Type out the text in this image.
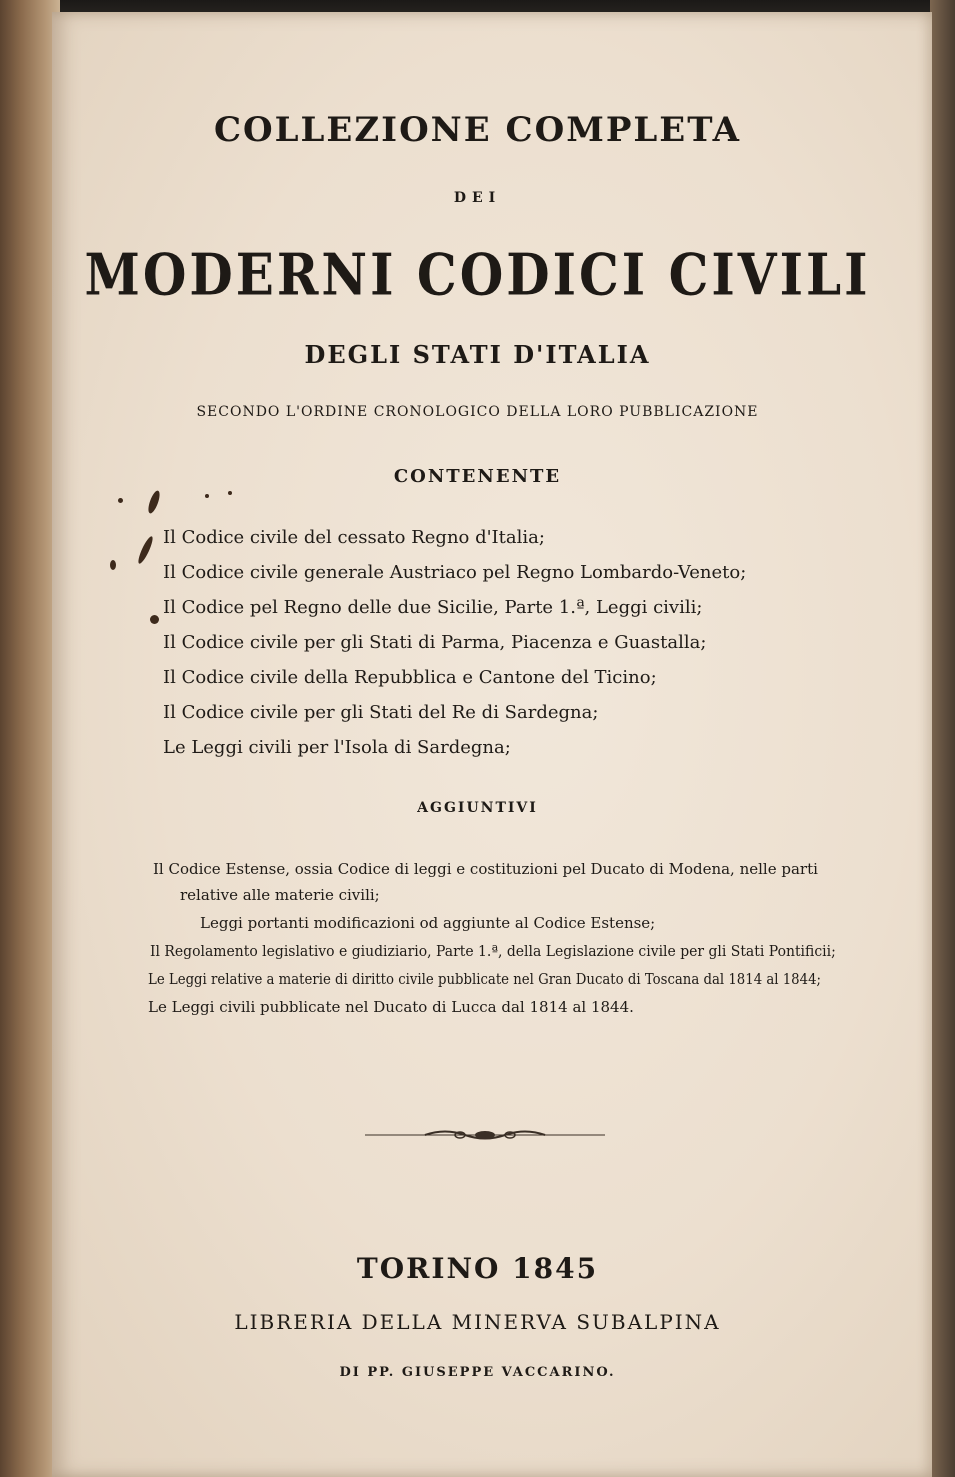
COLLEZIONE COMPLETA
DEI
MODERNI CODICI CIVILI
DEGLI STATI D'ITALIA
SECONDO L'ORDINE CRONOLOGICO DELLA LORO PUBBLICAZIONE
CONTENENTE
Il Codice civile del cessato Regno d'Italia;
Il Codice civile generale Austriaco pel Regno Lombardo-Veneto;
Il Codice pel Regno delle due Sicilie, Parte 1.ª, Leggi civili;
Il Codice civile per gli Stati di Parma, Piacenza e Guastalla;
Il Codice civile della Repubblica e Cantone del Ticino;
Il Codice civile per gli Stati del Re di Sardegna;
Le Leggi civili per l'Isola di Sardegna;
AGGIUNTIVI
Il Codice Estense, ossia Codice di leggi e costituzioni pel Ducato di Modena, nelle parti
relative alle materie civili;
Leggi portanti modificazioni od aggiunte al Codice Estense;
Il Regolamento legislativo e giudiziario, Parte 1.ª, della Legislazione civile per gli Stati Pontificii;
Le Leggi relative a materie di diritto civile pubblicate nel Gran Ducato di Toscana dal 1814 al 1844;
Le Leggi civili pubblicate nel Ducato di Lucca dal 1814 al 1844.
TORINO 1845
LIBRERIA DELLA MINERVA SUBALPINA
DI PP. GIUSEPPE VACCARINO.
